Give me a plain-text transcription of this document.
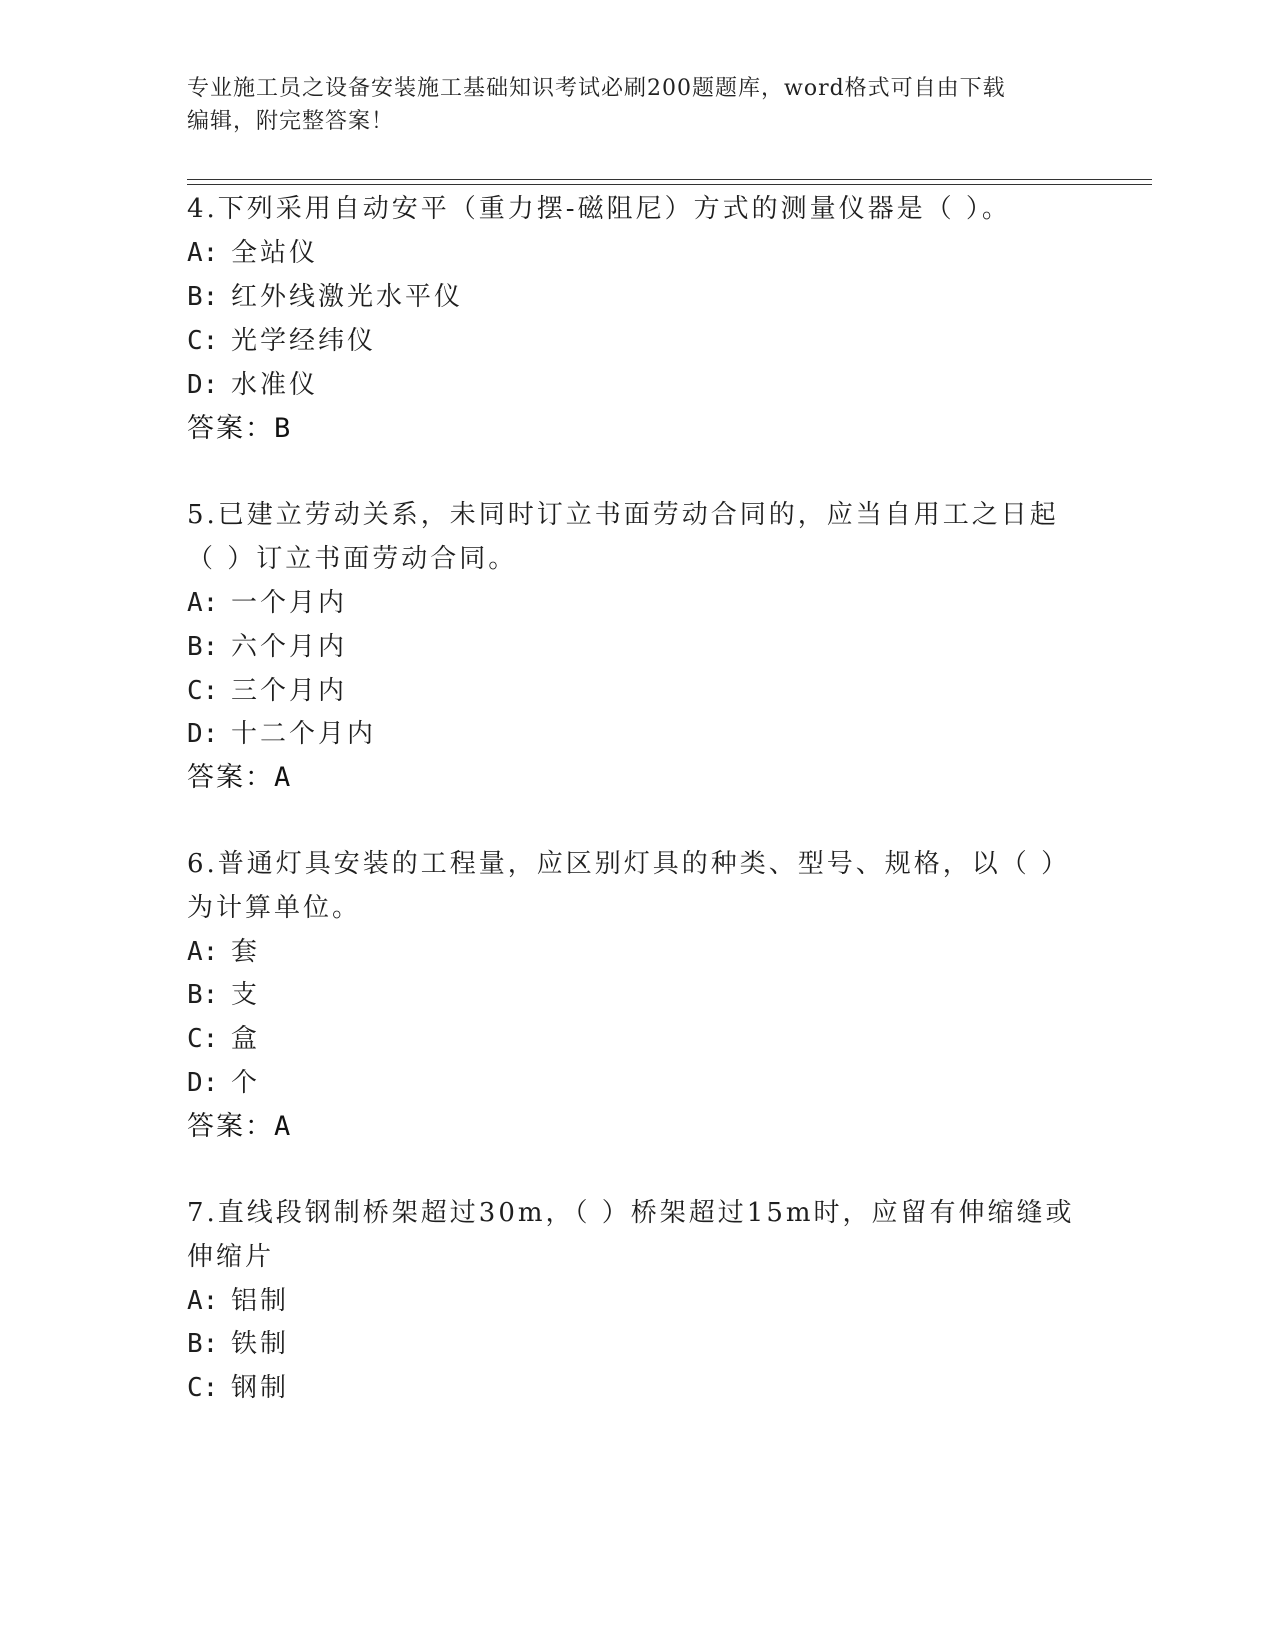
专业施工员之设备安装施工基础知识考试必刷200题题库，word格式可自由下载
编辑，附完整答案！
4.下列采用自动安平（重力摆-磁阻尼）方式的测量仪器是（ ）。
A: 全站仪
B: 红外线激光水平仪
C: 光学经纬仪
D: 水准仪
答案：B
5.已建立劳动关系，未同时订立书面劳动合同的，应当自用工之日起
（ ）订立书面劳动合同。
A: 一个月内
B: 六个月内
C: 三个月内
D: 十二个月内
答案：A
6.普通灯具安装的工程量，应区别灯具的种类、型号、规格，以（ ）
为计算单位。
A: 套
B: 支
C: 盒
D: 个
答案：A
7.直线段钢制桥架超过30m，（ ）桥架超过15m时，应留有伸缩缝或
伸缩片
A: 铝制
B: 铁制
C: 钢制
